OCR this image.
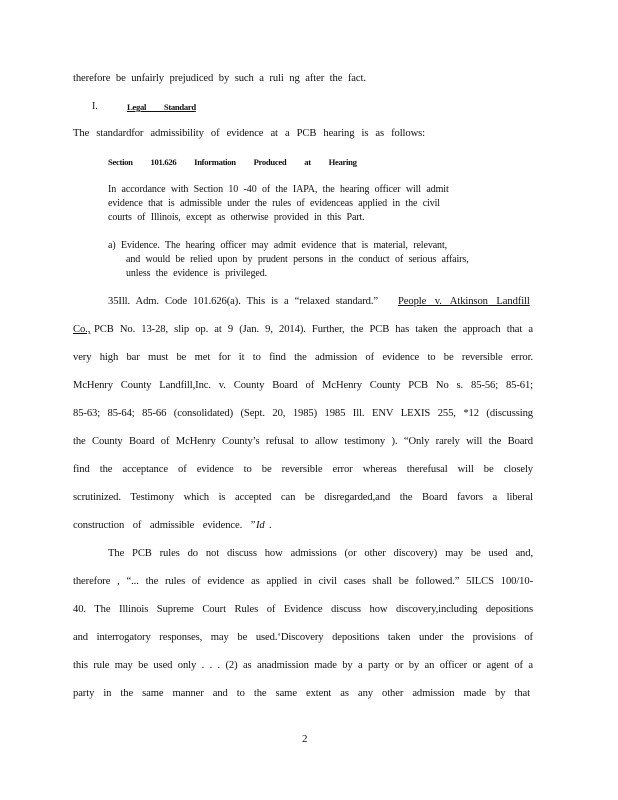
therefore be unfairly prejudiced by such a ruli ng after the fact.
I.	Legal Standard
The standardfor admissibility of evidence at a PCB hearing is as follows:
Section 101.626 Information Produced at Hearing
In accordance with Section 10 -40 of the IAPA, the hearing officer will admit
evidence that is admissible under the rules of evidenceas applied in the civil
courts of Illinois, except as otherwise provided in this Part.
a) Evidence. The hearing officer may admit evidence that is material, relevant,
and would be relied upon by prudent persons in the conduct of serious affairs,
unless the evidence is privileged.
35Ill. Adm. Code 101.626(a). This is a “relaxed standard.” People v. Atkinson Landfill
Co., PCB No. 13-28, slip op. at 9 (Jan. 9, 2014). Further, the PCB has taken the approach that a
very high bar must be met for it to find the admission of evidence to be reversible error.
McHenry County Landfill,Inc. v. County Board of McHenry County PCB No s. 85-56; 85-61;
85-63; 85-64; 85-66 (consolidated) (Sept. 20, 1985) 1985 Ill. ENV LEXIS 255, *12 (discussing
the County Board of McHenry County’s refusal to allow testimony ). “Only rarely will the Board
find the acceptance of evidence to be reversible error whereas therefusal will be closely
scrutinized. Testimony which is accepted can be disregarded,and the Board favors a liberal
construction of admissible evidence. ” Id .
The PCB rules do not discuss how admissions (or other discovery) may be used and,
therefore , “... the rules of evidence as applied in civil cases shall be followed.” 5ILCS 100/10-
40. The Illinois Supreme Court Rules of Evidence discuss how discovery,including depositions
and interrogatory responses, may be used.‘Discovery depositions taken under the provisions of
this rule may be used only . . . (2) as anadmission made by a party or by an officer or agent of a
party in the same manner and to the same extent as any other admission made by that
2
